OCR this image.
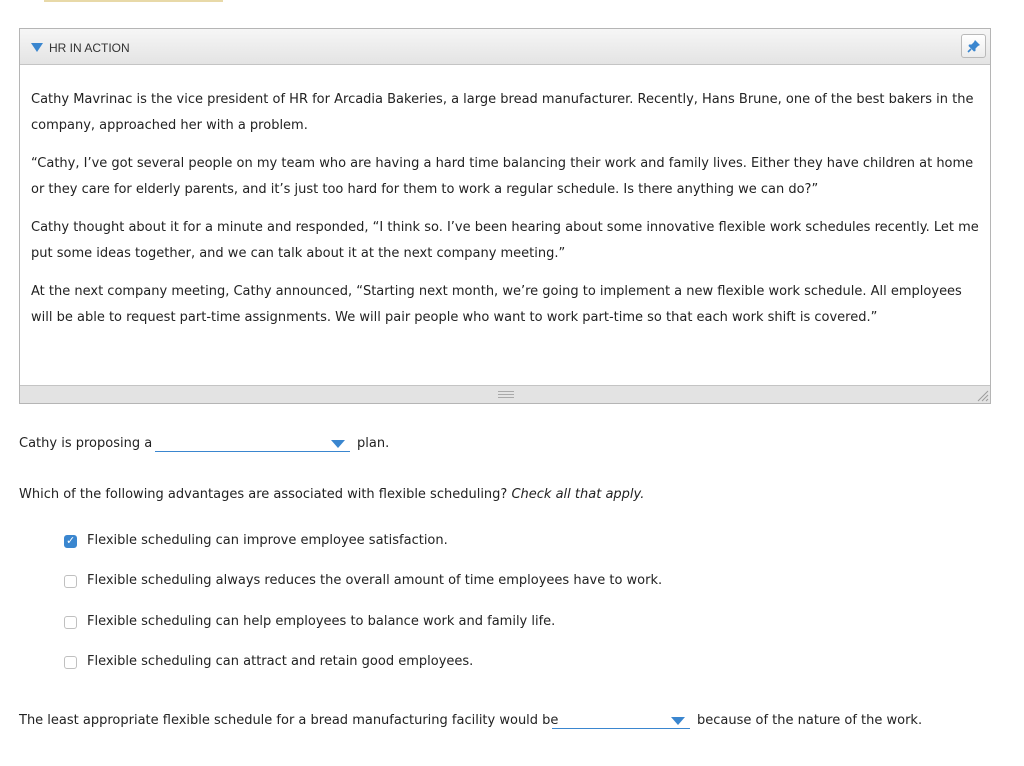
HR IN ACTION

Cathy Mavrinac is the vice president of HR for Arcadia Bakeries, a large bread manufacturer. Recently, Hans Brune, one of the best bakers in the company, approached her with a problem.

“Cathy, I’ve got several people on my team who are having a hard time balancing their work and family lives. Either they have children at home or they care for elderly parents, and it’s just too hard for them to work a regular schedule. Is there anything we can do?”

Cathy thought about it for a minute and responded, “I think so. I’ve been hearing about some innovative flexible work schedules recently. Let me put some ideas together, and we can talk about it at the next company meeting.”

At the next company meeting, Cathy announced, “Starting next month, we’re going to implement a new flexible work schedule. All employees will be able to request part-time assignments. We will pair people who want to work part-time so that each work shift is covered.”

Cathy is proposing a	plan.
Which of the following advantages are associated with flexible scheduling? Check all that apply.
✓
Flexible scheduling can improve employee satisfaction.
Flexible scheduling always reduces the overall amount of time employees have to work.
Flexible scheduling can help employees to balance work and family life.
Flexible scheduling can attract and retain good employees.
The least appropriate flexible schedule for a bread manufacturing facility would be	because of the nature of the work.
